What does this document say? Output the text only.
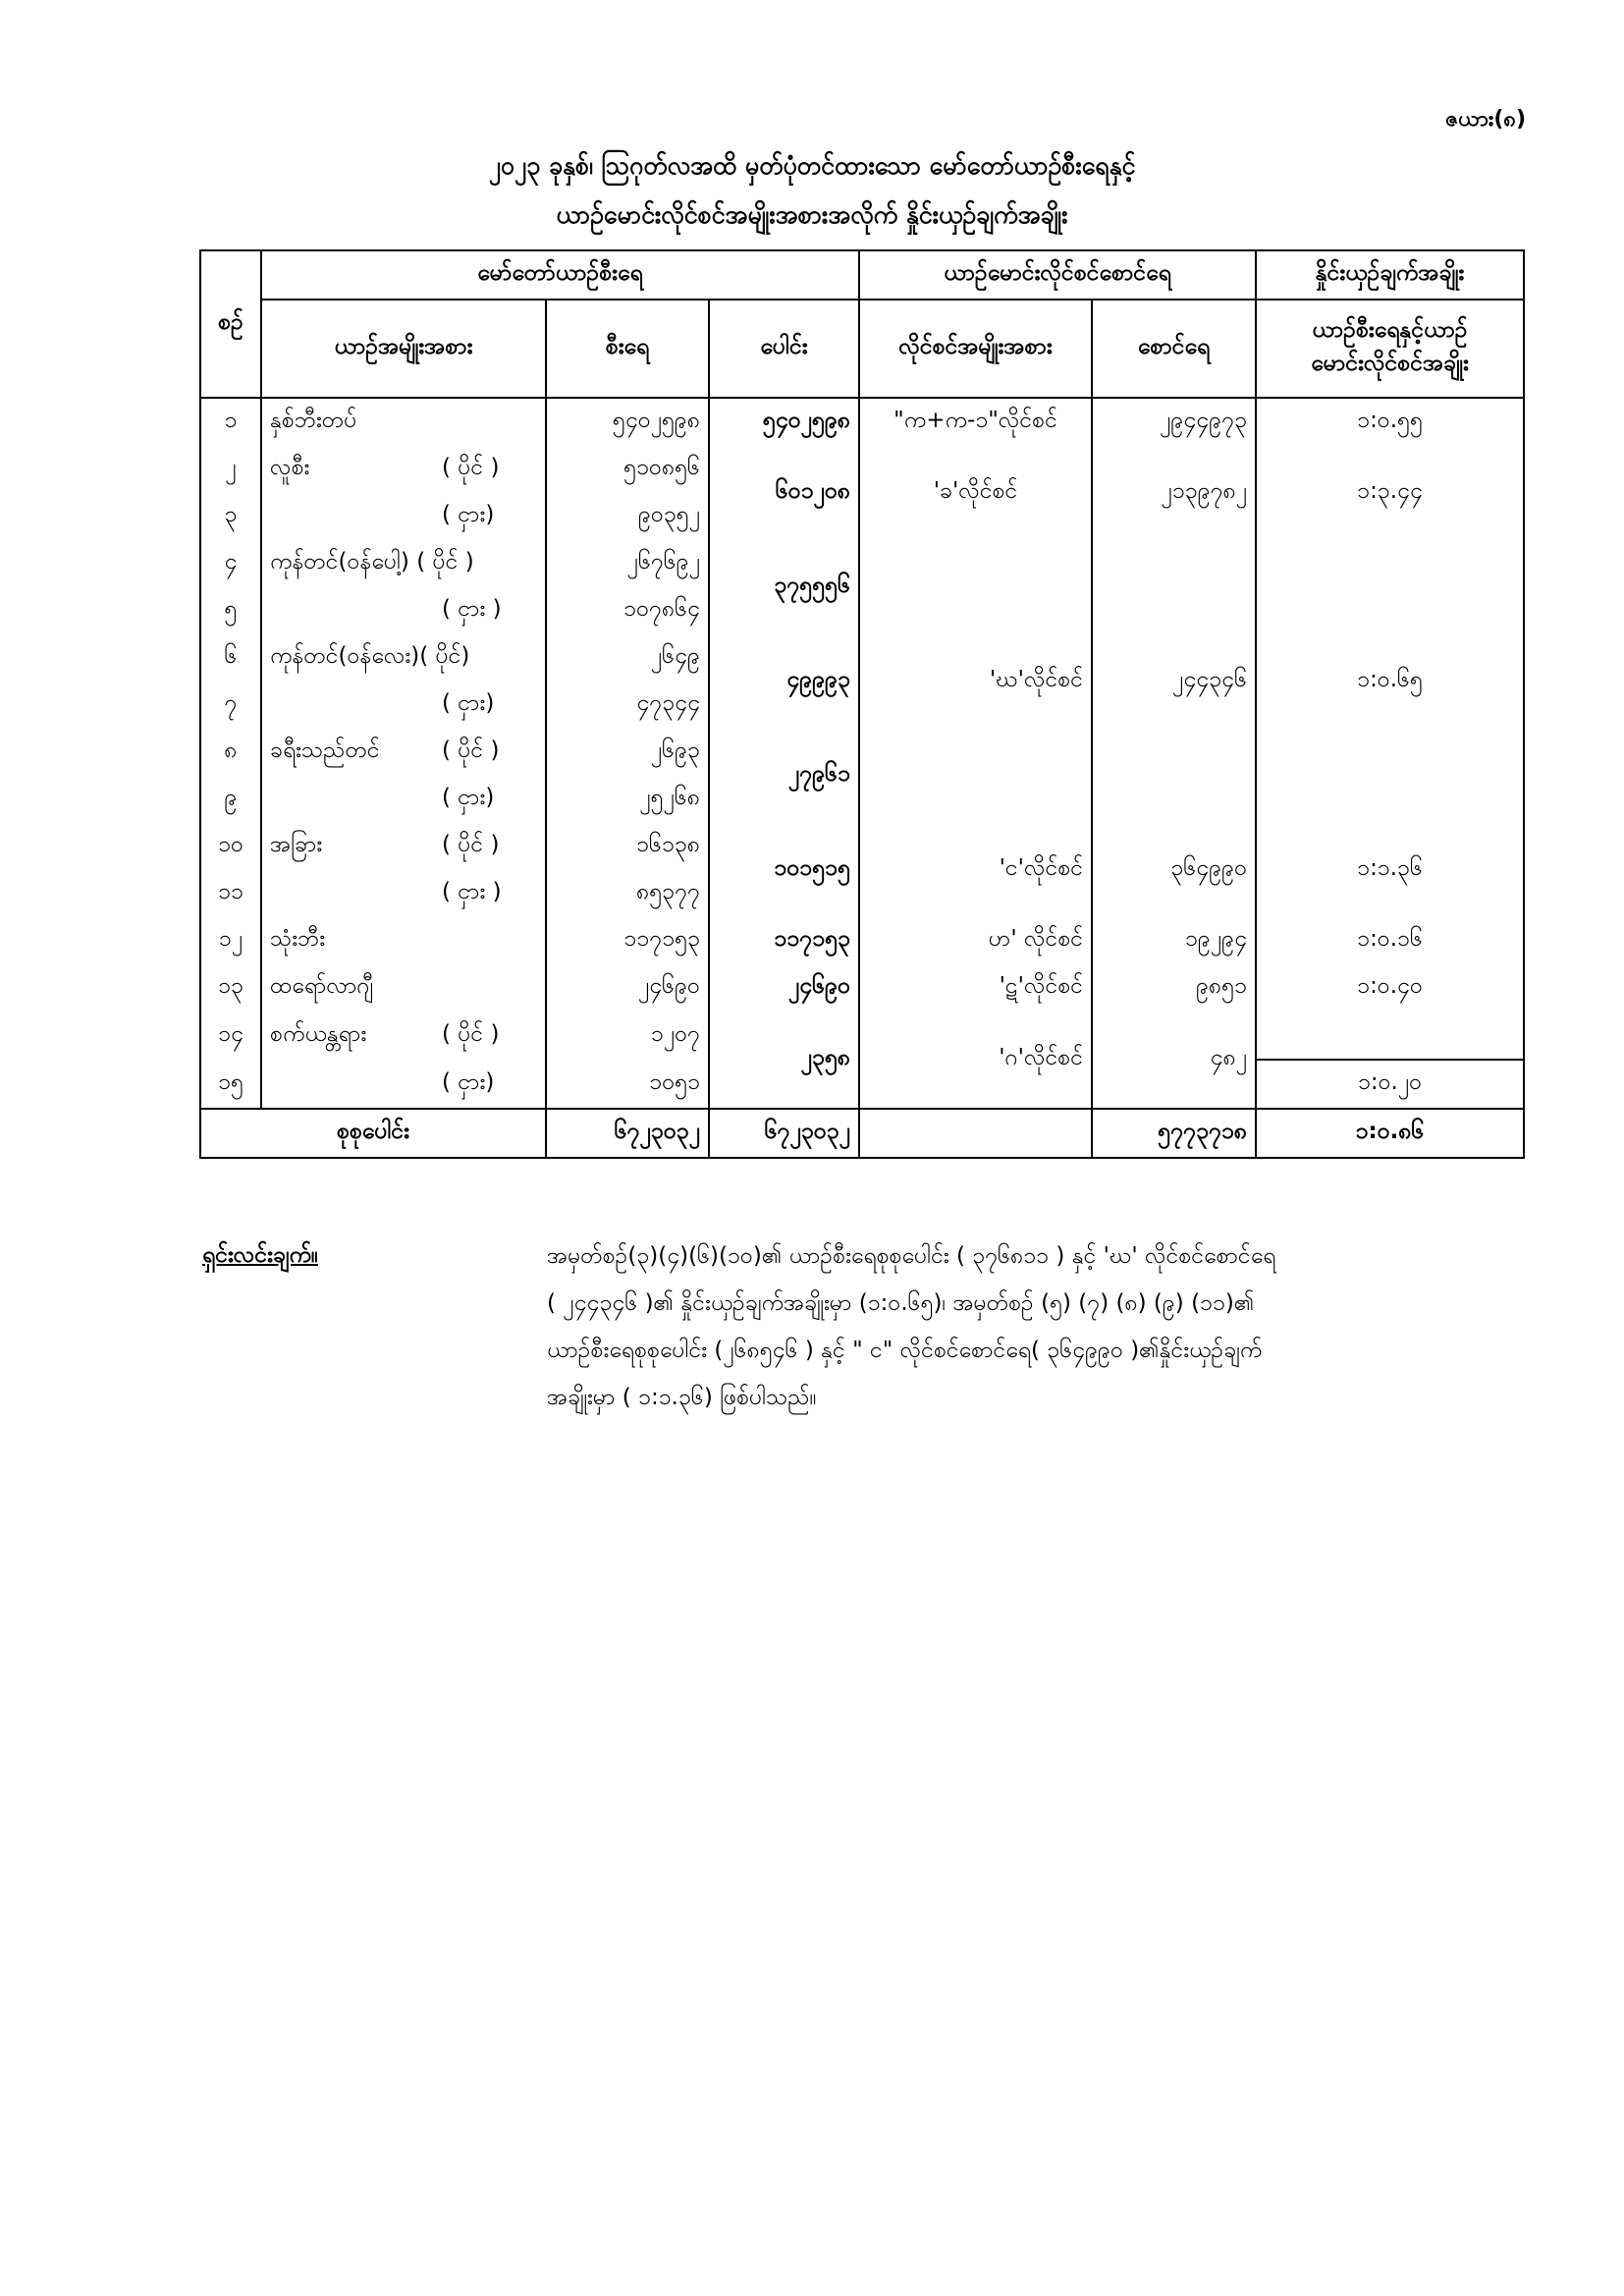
ဇယား(၈)
၂၀၂၃ ခုနှစ်၊ ဩဂုတ်လအထိ မှတ်ပုံတင်ထားသော မော်တော်ယာဉ်စီးရေနှင့်
ယာဉ်မောင်းလိုင်စင်အမျိုးအစားအလိုက် နှိုင်းယှဉ်ချက်အချိုး
စဉ်	မော်တော်ယာဉ်စီးရေ			ယာဉ်မောင်းလိုင်စင်စောင်ရေ		နှိုင်းယှဉ်ချက်အချိုး
	ယာဉ်အမျိုးအစား	စီးရေ	ပေါင်း	လိုင်စင်အမျိုးအစား	စောင်ရေ	ယာဉ်စီးရေနှင့်ယာဉ်
မောင်းလိုင်စင်အချိုး

၁	နှစ်ဘီးတပ်	၅၄၀၂၅၉၈	၅၄၀၂၅၉၈	"က+က-၁"လိုင်စင်	၂၉၄၄၉၇၃	၁:၀.၅၅
၂	လူစီး ( ပိုင် )	၅၁၀၈၅၆	၆၀၁၂၀၈	'ခ'လိုင်စင်	၂၁၃၉၇၈၂	၁:၃.၄၄
၃	( ငှား)	၉၀၃၅၂				
၄	ကုန်တင်(ဝန်ပေါ့) ( ပိုင် )	၂၆၇၆၉၂	၃၇၅၅၅၆	'ဃ'လိုင်စင်	၂၄၄၃၄၆	၁:၀.၆၅
၅	( ငှား )	၁၀၇၈၆၄				
၆	ကုန်တင်(ဝန်လေး)( ပိုင်)	၂၆၄၉	၄၉၉၉၃			
၇	( ငှား)	၄၇၃၄၄				
၈	ခရီးသည်တင် ( ပိုင် )	၂၆၉၃	၂၇၉၆၁			
၉	( ငှား)	၂၅၂၆၈				
၁၀	အခြား ( ပိုင် )	၁၆၁၃၈	၁၀၁၅၁၅	'င'လိုင်စင်	၃၆၄၉၉၀	၁:၁.၃၆
၁၁	( ငှား )	၈၅၃၇၇				
၁၂	သုံးဘီး	၁၁၇၁၅၃	၁၁၇၁၅၃	ဟ' လိုင်စင်	၁၉၂၉၄	၁:၀.၁၆
၁၃	ထရော်လာဂျီ	၂၄၆၉၀	၂၄၆၉၀	'ဋ'လိုင်စင်	၉၈၅၁	၁:၀.၄၀
၁၄	စက်ယန္တရား ( ပိုင် )	၁၂၀၇	၂၃၅၈	'ဂ'လိုင်စင်	၄၈၂	
၁၅	( ငှား)	၁၀၅၁				၁:၀.၂၀
စုစုပေါင်း		၆၇၂၃၀၃၂	၆၇၂၃၀၃၂		၅၇၇၃၇၁၈	၁:၀.၈၆
ရှင်းလင်းချက်။	အမှတ်စဉ်(၃)(၄)(၆)(၁၀)၏ ယာဉ်စီးရေစုစုပေါင်း ( ၃၇၆၈၁၁ ) နှင့် 'ဃ' လိုင်စင်စောင်ရေ

( ၂၄၄၃၄၆ )၏ နှိုင်းယှဉ်ချက်အချိုးမှာ (၁:၀.၆၅)၊ အမှတ်စဉ် (၅) (၇) (၈) (၉) (၁၁)၏

ယာဉ်စီးရေစုစုပေါင်း (၂၆၈၅၄၆ ) နှင့် " င" လိုင်စင်စောင်ရေ( ၃၆၄၉၉၀ )၏နှိုင်းယှဉ်ချက်

အချိုးမှာ ( ၁:၁.၃၆) ဖြစ်ပါသည်။
